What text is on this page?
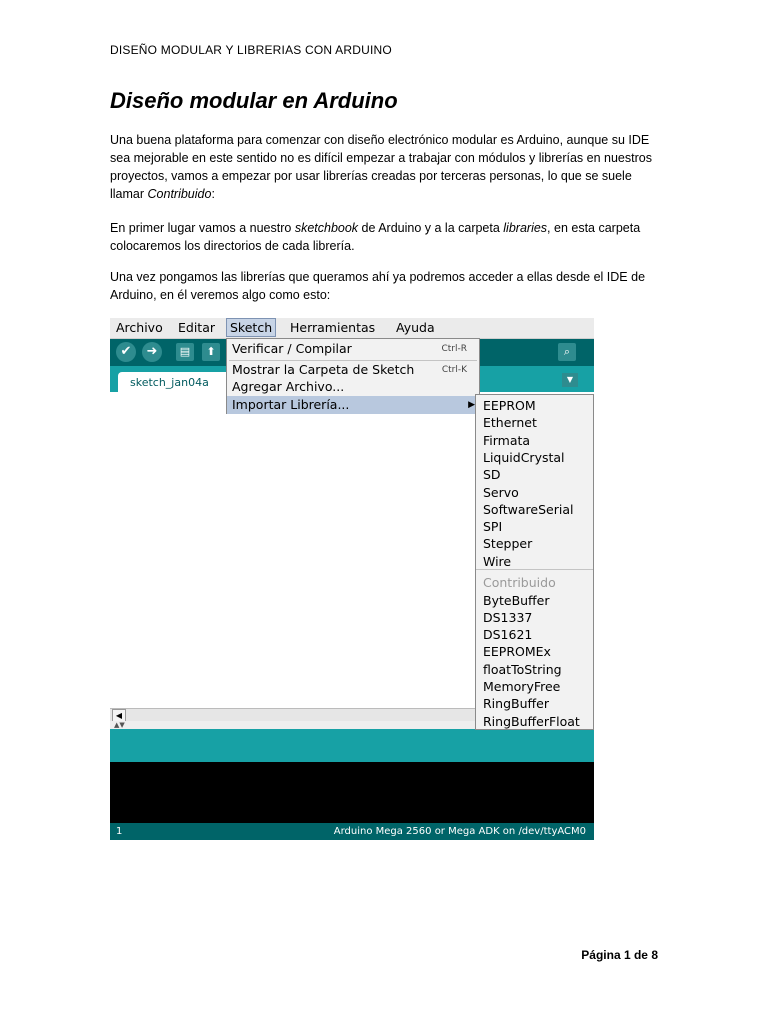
DISEÑO MODULAR Y LIBRERIAS CON ARDUINO
Diseño modular en Arduino

Una buena plataforma para comenzar con diseño electrónico modular es Arduino, aunque su IDE sea mejorable en este sentido no es difícil empezar a trabajar con módulos y librerías en nuestros proyectos, vamos a empezar por usar librerías creadas por terceras personas, lo que se suele llamar Contribuido:

En primer lugar vamos a nuestro sketchbook de Arduino y a la carpeta libraries, en esta carpeta colocaremos los directorios de cada librería.

Una vez pongamos las librerías que queramos ahí ya podremos acceder a ellas desde el IDE de Arduino, en él veremos algo como esto:

Archivo Editar	Sketch	Herramientas Ayuda
✔	➜	▤	⬆	⌕
sketch_jan04a	▼
◀
▲▼
1	Arduino Mega 2560 or Mega ADK on /dev/ttyACM0
Verificar / Compilar	Ctrl-R
Mostrar la Carpeta de Sketch	Ctrl-K
Agregar Archivo...
Importar Librería...	▶ EEPROM
Ethernet
Firmata
LiquidCrystal
SD
Servo
SoftwareSerial
SPI
Stepper
Wire
Contribuido
ByteBuffer
DS1337
DS1621
EEPROMEx
floatToString
MemoryFree
RingBuffer
RingBufferFloat
Página 1 de 8
